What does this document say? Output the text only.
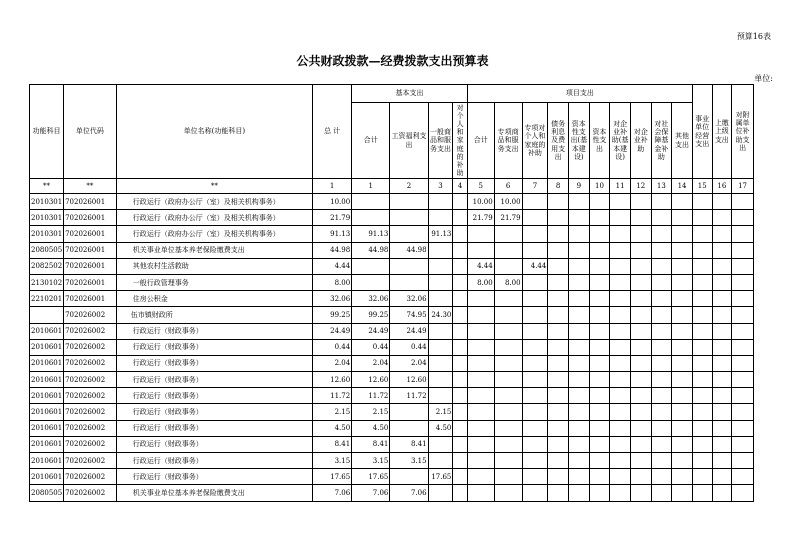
预算16表
公共财政拨款—经费拨款支出预算表
单位:
功能科目	单位代码	单位名称(功能科目)	总 计	基本支出				项目支出										事业单位经营支出	上缴上级支出	对附属单位补助支出
				合计	工资福利支出	一般商品和服务支出	对个人和家庭的补助	合计	专项商品和服务支出	专项对个人和家庭的补助	债务利息及费用支出	资本性支出(基本建设)	资本性支出	对企业补助(基本建设)	对企业补助	对社会保障基金补助	其他支出			
**	**	**	1	1	2	3	4	5	6	7	8	9	10	11	12	13	14	15	16	17
2010301	702026001	行政运行（政府办公厅（室）及相关机构事务）	10.00					10.00	10.00											
2010301	702026001	行政运行（政府办公厅（室）及相关机构事务）	21.79					21.79	21.79											
2010301	702026001	行政运行（政府办公厅（室）及相关机构事务）	91.13	91.13		91.13														
2080505	702026001	机关事业单位基本养老保险缴费支出	44.98	44.98	44.98															
2082502	702026001	其他农村生活救助	4.44					4.44		4.44										
2130102	702026001	一般行政管理事务	8.00					8.00	8.00											
2210201	702026001	住房公积金	32.06	32.06	32.06															
	702026002	伍市镇财政所	99.25	99.25	74.95	24.30														
2010601	702026002	行政运行（财政事务）	24.49	24.49	24.49															
2010601	702026002	行政运行（财政事务）	0.44	0.44	0.44															
2010601	702026002	行政运行（财政事务）	2.04	2.04	2.04															
2010601	702026002	行政运行（财政事务）	12.60	12.60	12.60															
2010601	702026002	行政运行（财政事务）	11.72	11.72	11.72															
2010601	702026002	行政运行（财政事务）	2.15	2.15		2.15														
2010601	702026002	行政运行（财政事务）	4.50	4.50		4.50														
2010601	702026002	行政运行（财政事务）	8.41	8.41	8.41															
2010601	702026002	行政运行（财政事务）	3.15	3.15	3.15															
2010601	702026002	行政运行（财政事务）	17.65	17.65		17.65														
2080505	702026002	机关事业单位基本养老保险缴费支出	7.06	7.06	7.06															
